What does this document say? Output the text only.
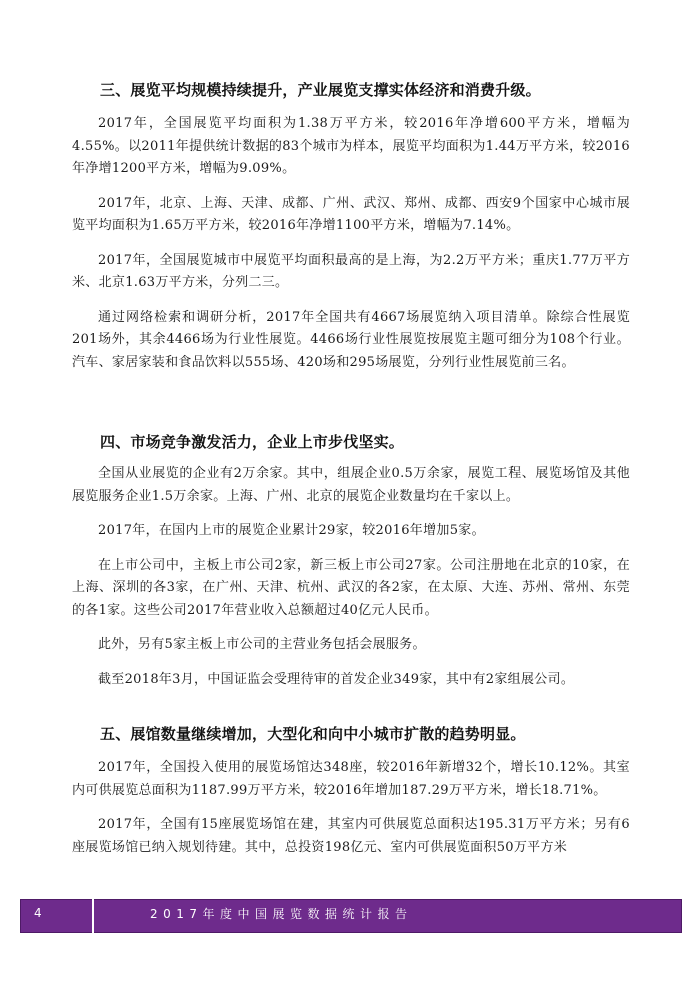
三、展览平均规模持续提升，产业展览支撑实体经济和消费升级。

2017年，全国展览平均面积为1.38万平方米，较2016年净增600平方米，增幅为4.55%。以2011年提供统计数据的83个城市为样本，展览平均面积为1.44万平方米，较2016年净增1200平方米，增幅为9.09%。

2017年，北京、上海、天津、成都、广州、武汉、郑州、成都、西安9个国家中心城市展览平均面积为1.65万平方米，较2016年净增1100平方米，增幅为7.14%。

2017年，全国展览城市中展览平均面积最高的是上海，为2.2万平方米；重庆1.77万平方米、北京1.63万平方米，分列二三。

通过网络检索和调研分析，2017年全国共有4667场展览纳入项目清单。除综合性展览201场外，其余4466场为行业性展览。4466场行业性展览按展览主题可细分为108个行业。汽车、家居家装和食品饮料以555场、420场和295场展览，分列行业性展览前三名。

四、市场竞争激发活力，企业上市步伐坚实。

全国从业展览的企业有2万余家。其中，组展企业0.5万余家，展览工程、展览场馆及其他展览服务企业1.5万余家。上海、广州、北京的展览企业数量均在千家以上。

2017年，在国内上市的展览企业累计29家，较2016年增加5家。

在上市公司中，主板上市公司2家，新三板上市公司27家。公司注册地在北京的10家，在上海、深圳的各3家，在广州、天津、杭州、武汉的各2家，在太原、大连、苏州、常州、东莞的各1家。这些公司2017年营业收入总额超过40亿元人民币。

此外，另有5家主板上市公司的主营业务包括会展服务。

截至2018年3月，中国证监会受理待审的首发企业349家，其中有2家组展公司。

五、展馆数量继续增加，大型化和向中小城市扩散的趋势明显。

2017年，全国投入使用的展览场馆达348座，较2016年新增32个，增长10.12%。其室内可供展览总面积为1187.99万平方米，较2016年增加187.29万平方米，增长18.71%。

2017年，全国有15座展览场馆在建，其室内可供展览总面积达195.31万平方米；另有6座展览场馆已纳入规划待建。其中，总投资198亿元、室内可供展览面积50万平方米

4	2017年度中国展览数据统计报告
